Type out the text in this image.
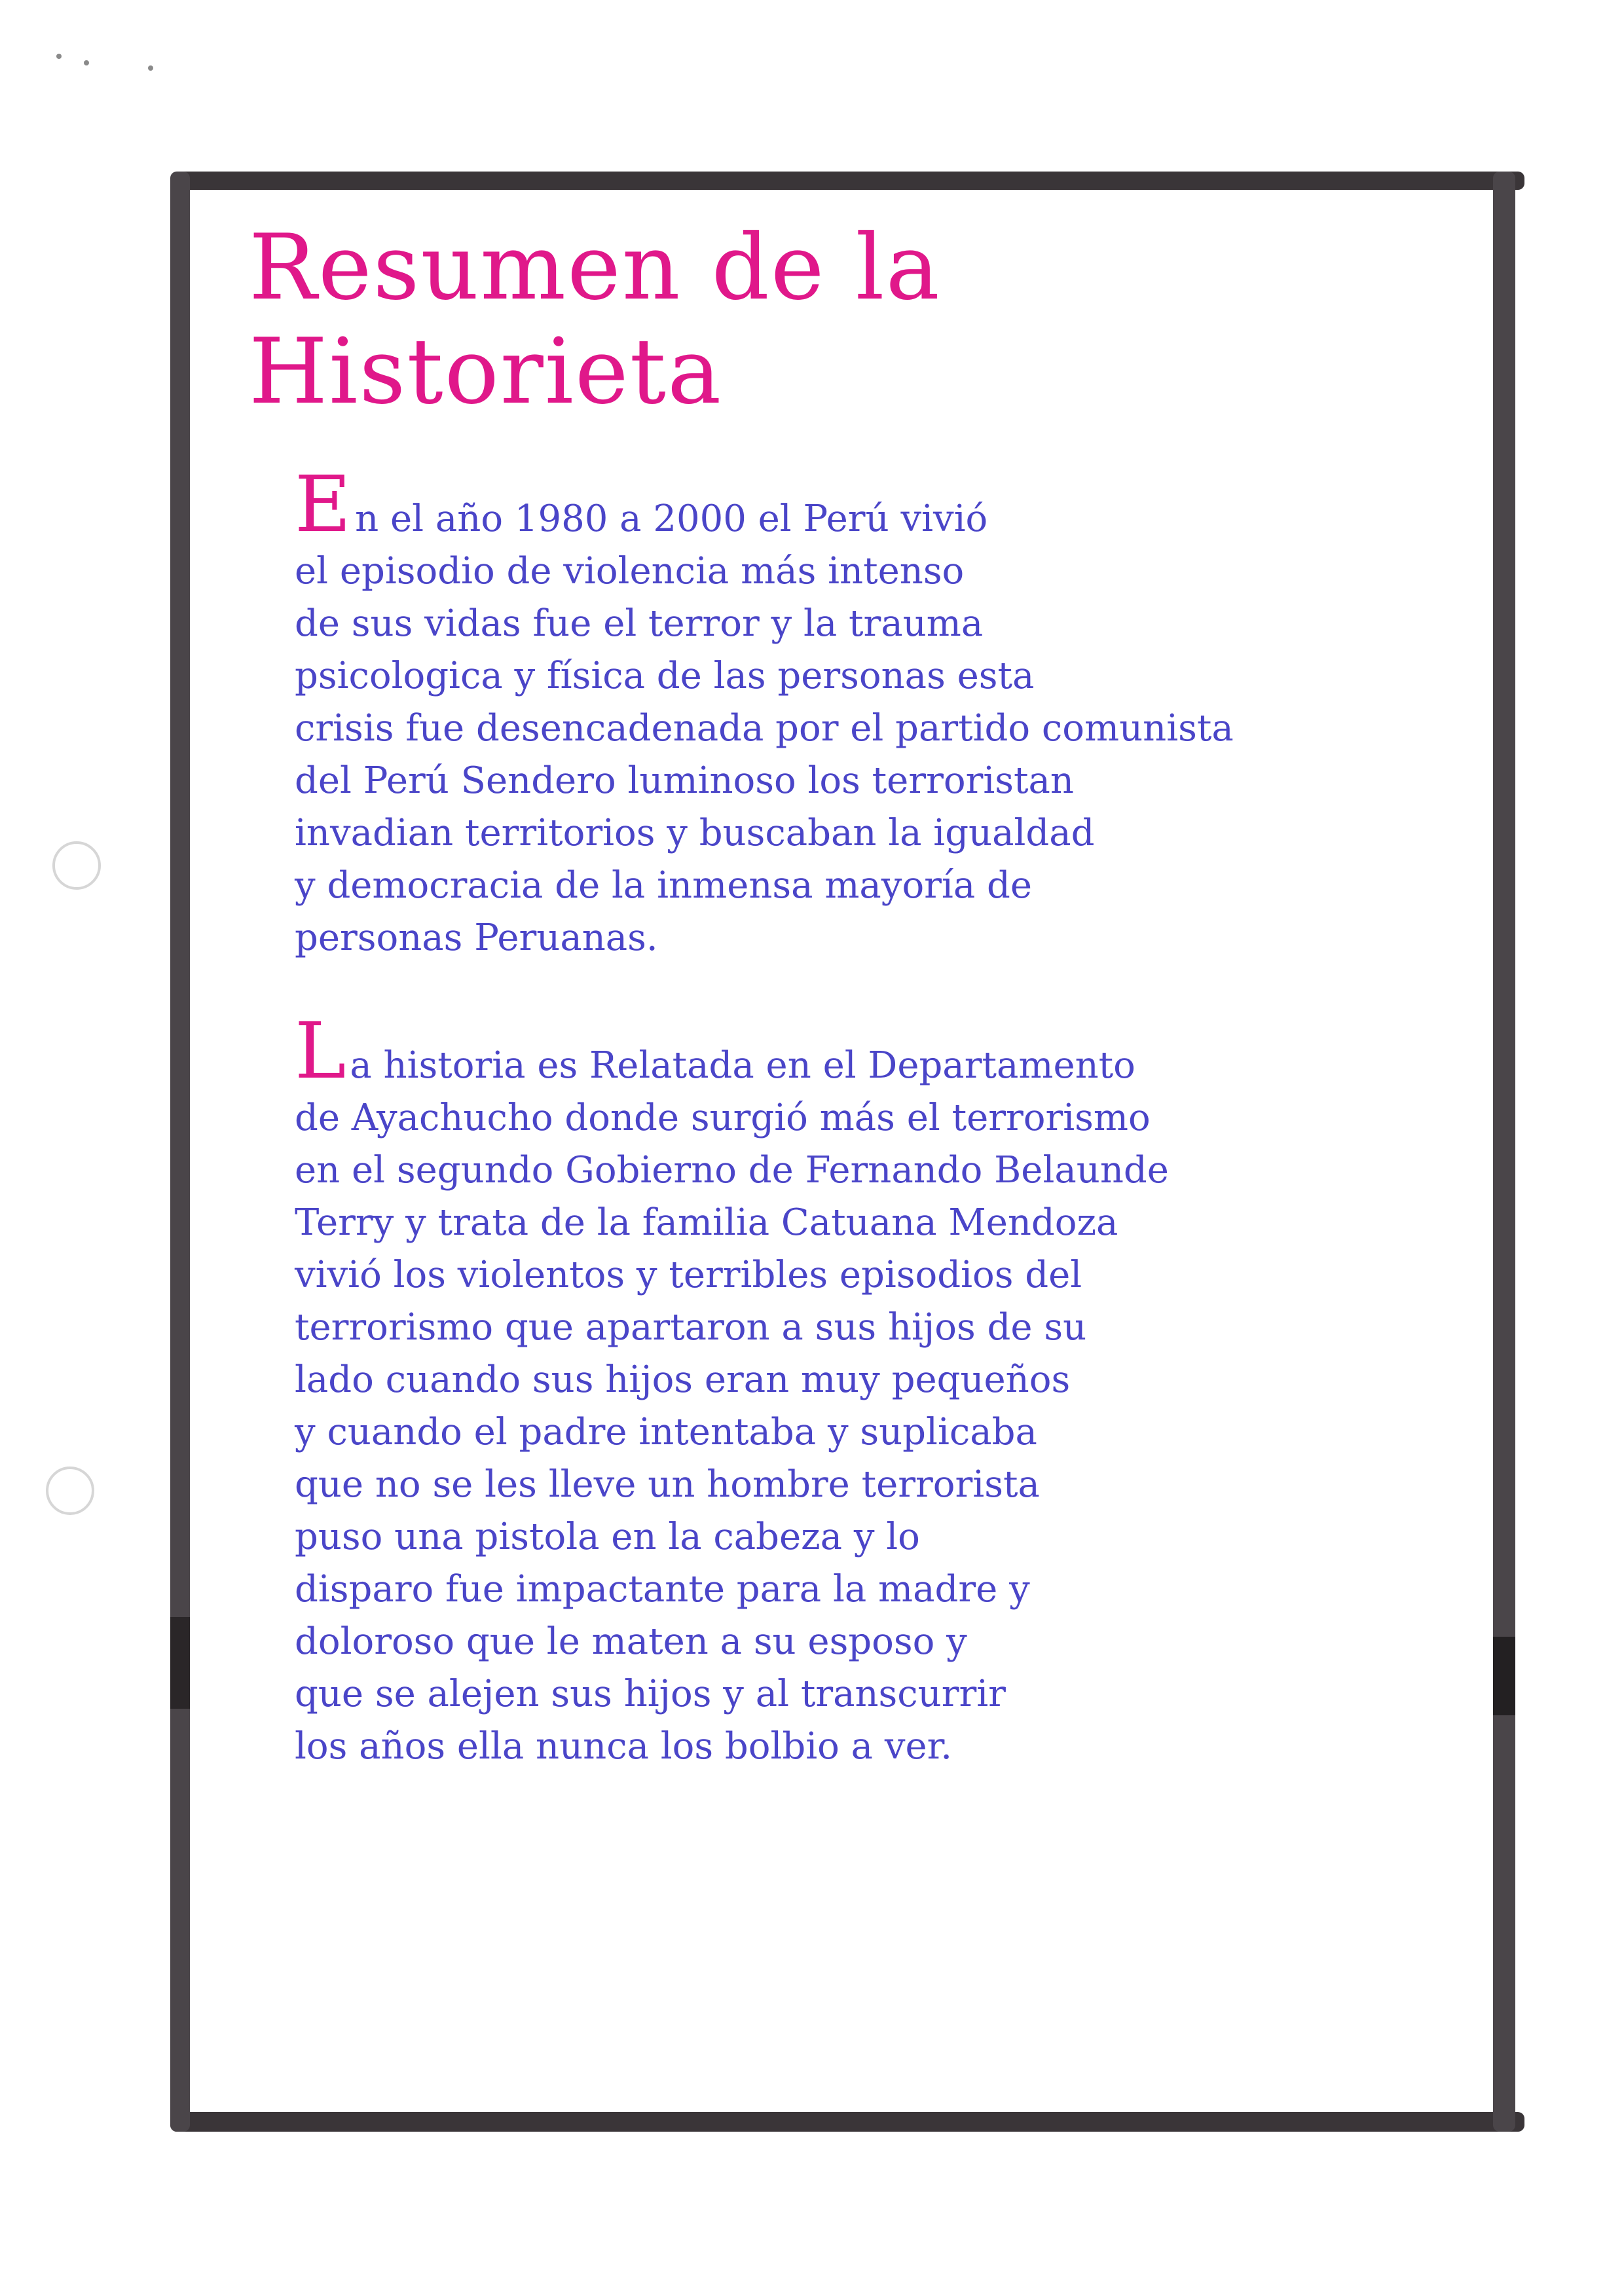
Resumen de la Historieta
En el año 1980 a 2000 el Perú vivió
el episodio de violencia más intenso
de sus vidas fue el terror y la trauma
psicologica y física de las personas esta
crisis fue desencadenada por el partido comunista
del Perú Sendero luminoso los terroristan
invadian territorios y buscaban la igualdad
y democracia de la inmensa mayoría de
personas Peruanas.
La historia es Relatada en el Departamento
de Ayachucho donde surgió más el terrorismo
en el segundo Gobierno de Fernando Belaunde
Terry y trata de la familia Catuana Mendoza
vivió los violentos y terribles episodios del
terrorismo que apartaron a sus hijos de su
lado cuando sus hijos eran muy pequeños
y cuando el padre intentaba y suplicaba
que no se les lleve un hombre terrorista
puso una pistola en la cabeza y lo
disparo fue impactante para la madre y
doloroso que le maten a su esposo y
que se alejen sus hijos y al transcurrir
los años ella nunca los bolbio a ver.
